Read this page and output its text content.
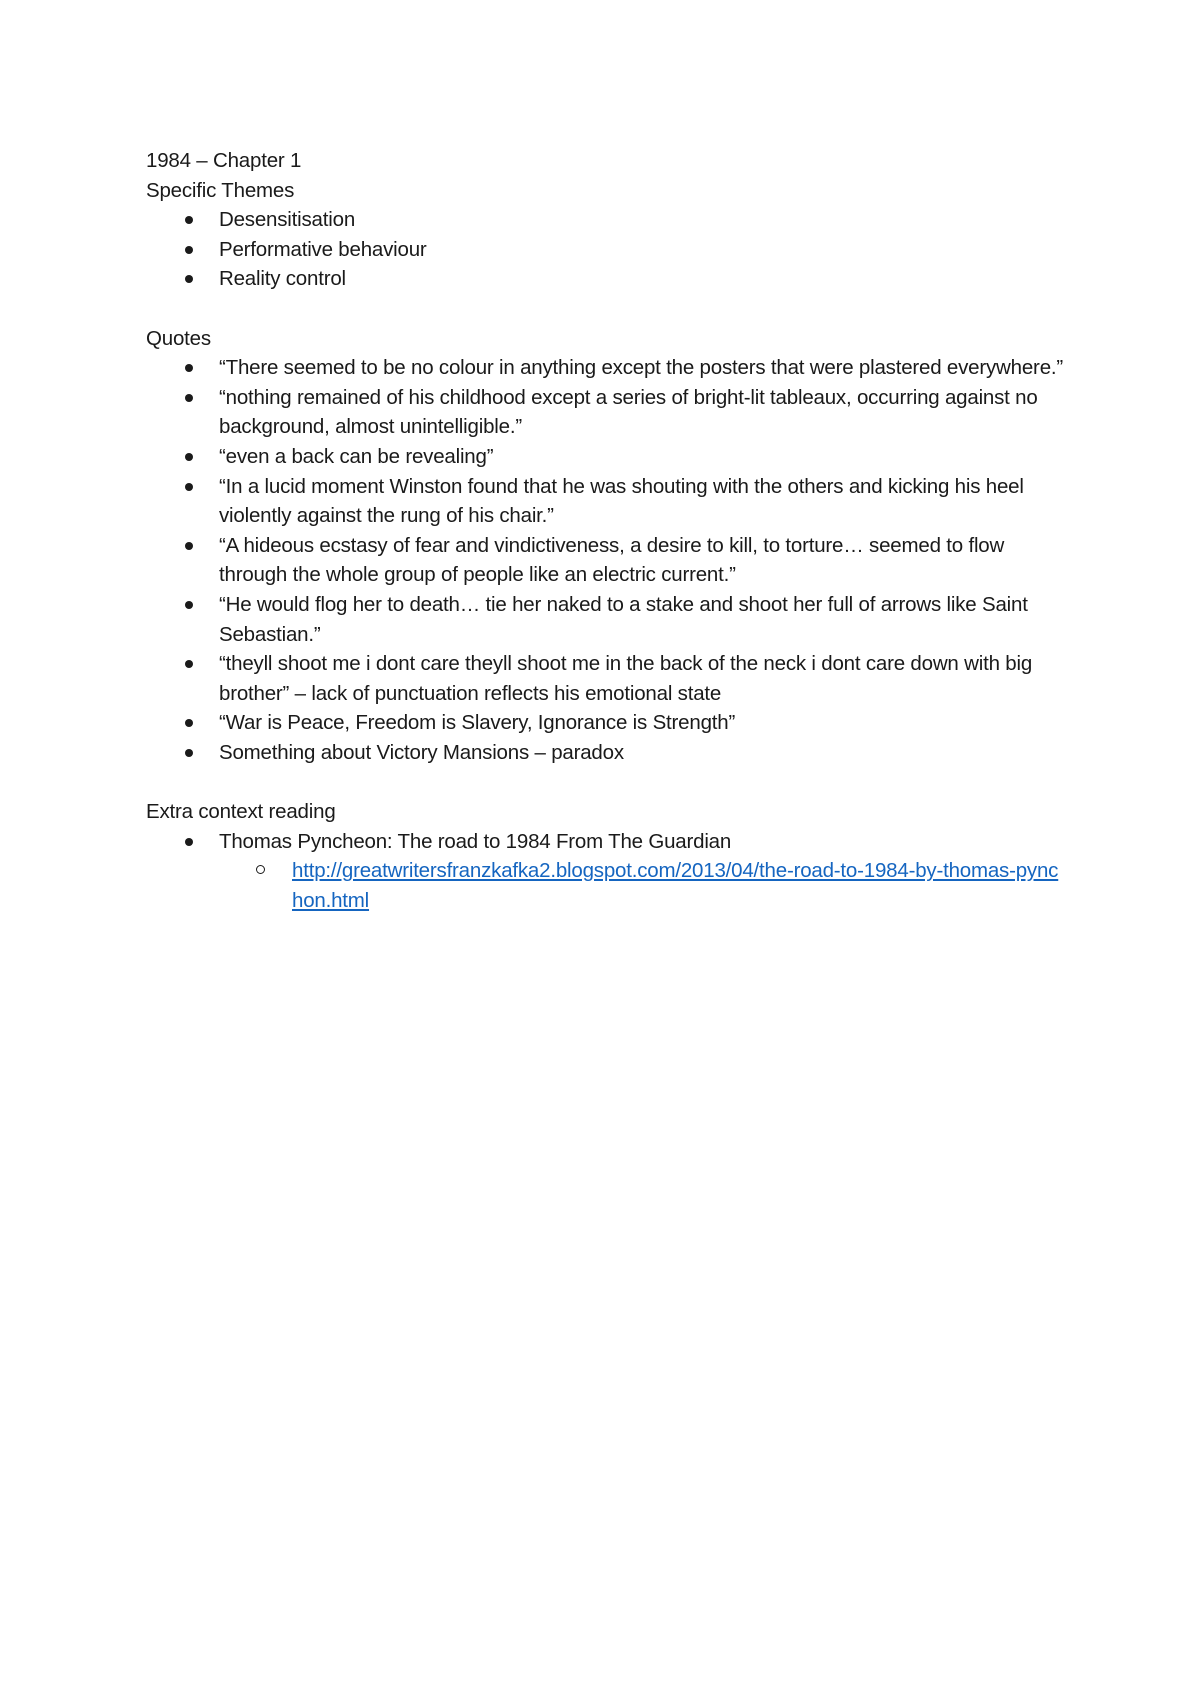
1984 – Chapter 1

Specific Themes

Desensitisation
Performative behaviour
Reality control

Quotes

“There seemed to be no colour in anything except the posters that were plastered everywhere.”
“nothing remained of his childhood except a series of bright-lit tableaux, occurring against no background, almost unintelligible.”
“even a back can be revealing”
“In a lucid moment Winston found that he was shouting with the others and kicking his heel violently against the rung of his chair.”
“A hideous ecstasy of fear and vindictiveness, a desire to kill, to torture… seemed to flow through the whole group of people like an electric current.”
“He would flog her to death… tie her naked to a stake and shoot her full of arrows like Saint Sebastian.”
“theyll shoot me i dont care theyll shoot me in the back of the neck i dont care down with big brother” – lack of punctuation reflects his emotional state
“War is Peace, Freedom is Slavery, Ignorance is Strength”
Something about Victory Mansions – paradox

Extra context reading

Thomas Pyncheon: The road to 1984 From The Guardian
http://greatwritersfranzkafka2.blogspot.com/2013/04/the-road-to-1984-by-thomas-pynchon.html
